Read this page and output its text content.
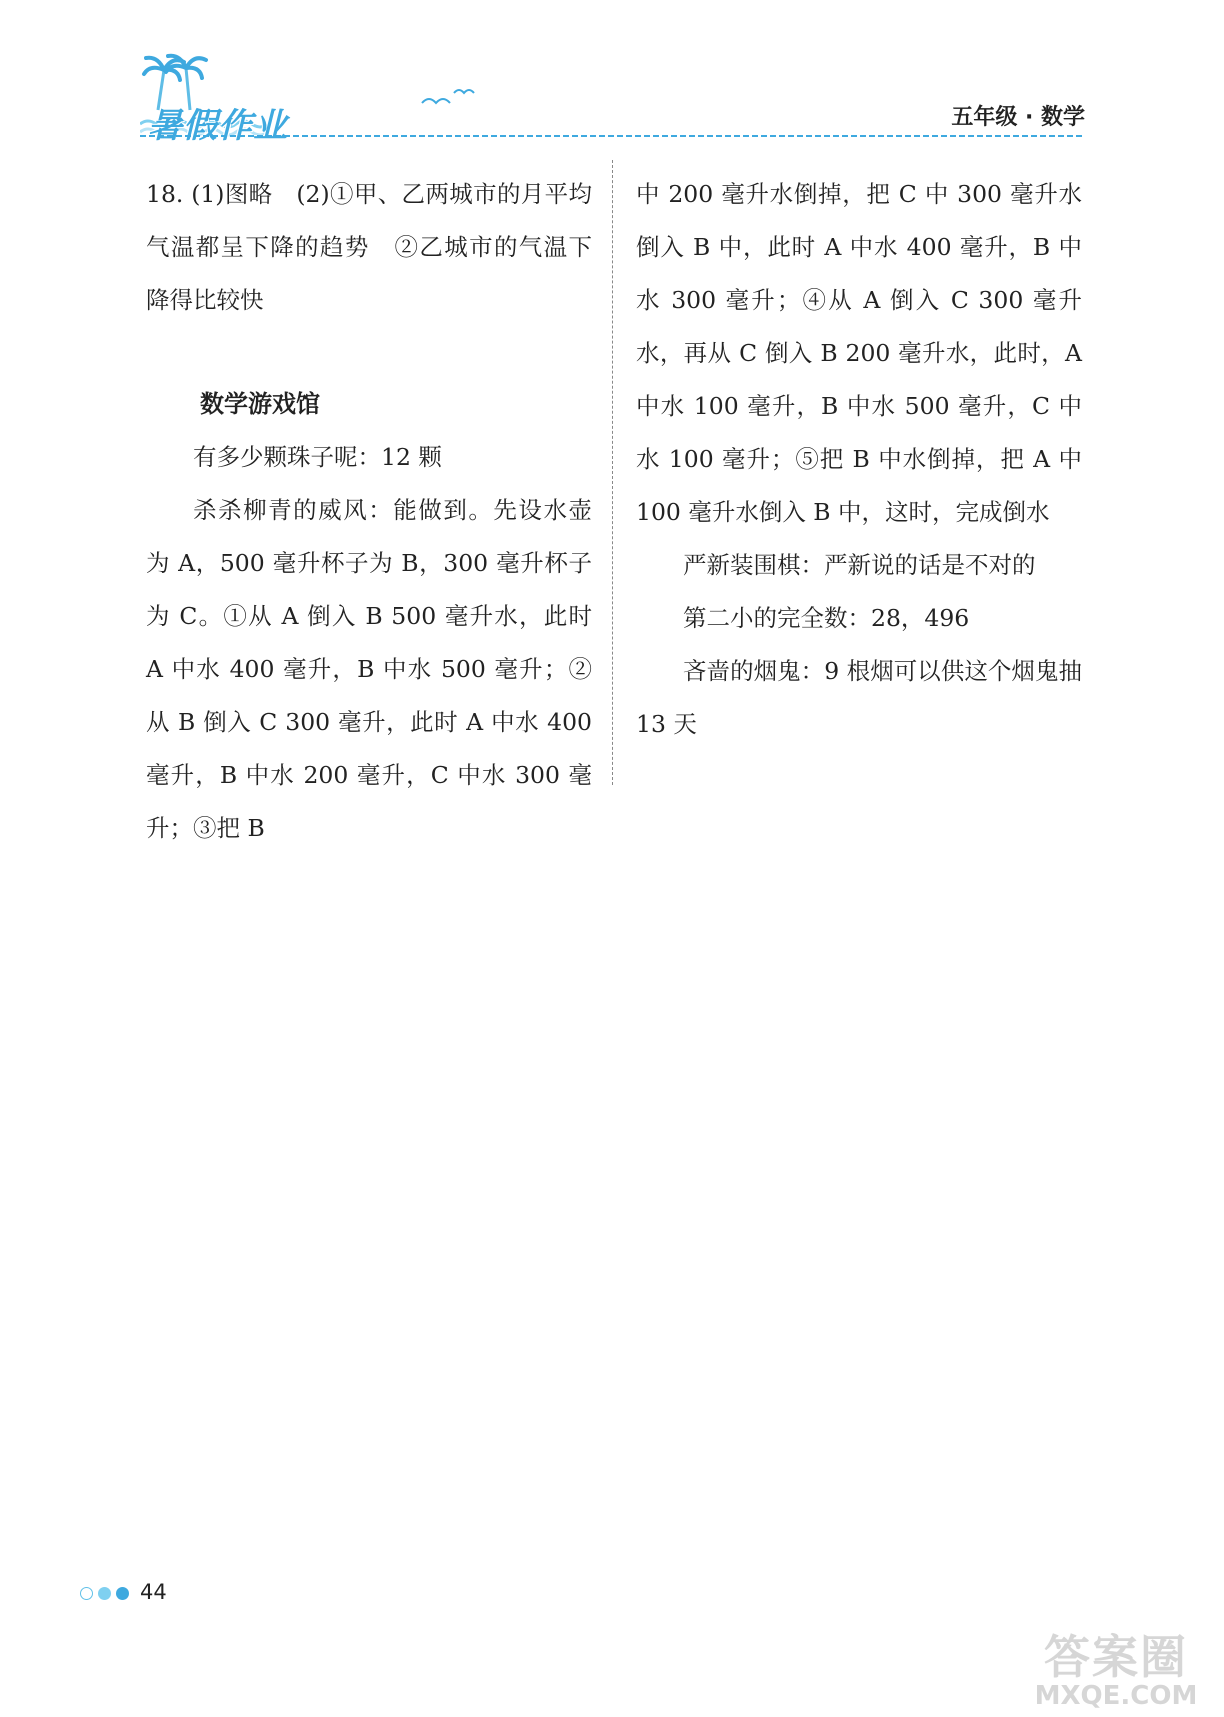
暑假作业	五年级 · 数学

18. (1)图略　(2)①甲、乙两城市的月平均气温都呈下降的趋势　②乙城市的气温下降得比较快

数学游戏馆

有多少颗珠子呢：12 颗

杀杀柳青的威风：能做到。先设水壶为 A，500 毫升杯子为 B，300 毫升杯子为 C。①从 A 倒入 B 500 毫升水，此时 A 中水 400 毫升，B 中水 500 毫升；②从 B 倒入 C 300 毫升，此时 A 中水 400 毫升，B 中水 200 毫升，C 中水 300 毫升；③把 B

中 200 毫升水倒掉，把 C 中 300 毫升水倒入 B 中，此时 A 中水 400 毫升，B 中水 300 毫升；④从 A 倒入 C 300 毫升水，再从 C 倒入 B 200 毫升水，此时，A 中水 100 毫升，B 中水 500 毫升，C 中水 100 毫升；⑤把 B 中水倒掉，把 A 中 100 毫升水倒入 B 中，这时，完成倒水

严新装围棋：严新说的话是不对的

第二小的完全数：28，496

吝啬的烟鬼：9 根烟可以供这个烟鬼抽 13 天

44
答案圈
MXQE.COM
